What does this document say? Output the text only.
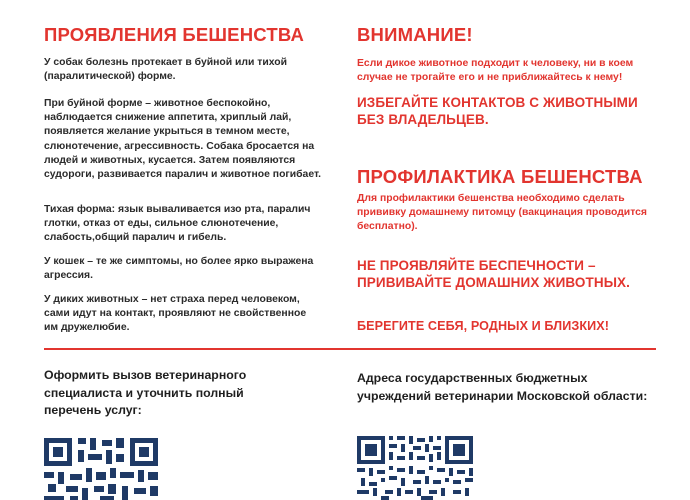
ПРОЯВЛЕНИЯ БЕШЕНСТВА

У собак болезнь протекает в буйной или тихой (паралитической) форме.

При буйной форме – животное беспокойно, наблюдается снижение аппетита, хриплый лай, появляется желание укрыться в темном месте, слюнотечение, агрессивность. Собака бросается на людей и животных, кусается. Затем появляются судороги, развивается паралич и животное погибает.

Тихая форма: язык вываливается изо рта, паралич глотки, отказ от еды, сильное слюнотечение, слабость,общий паралич и гибель.

У кошек – те же симптомы, но более ярко выражена агрессия.

У диких животных – нет страха перед человеком, сами идут на контакт, проявляют не свойственное им дружелюбие.

ВНИМАНИЕ!

Если дикое животное подходит к человеку, ни в коем случае не трогайте его и не приближайтесь к нему!

ИЗБЕГАЙТЕ КОНТАКТОВ С ЖИВОТНЫМИ БЕЗ ВЛАДЕЛЬЦЕВ.

ПРОФИЛАКТИКА БЕШЕНСТВА

Для профилактики бешенства необходимо сделать прививку домашнему питомцу (вакцинация проводится бесплатно).

НЕ ПРОЯВЛЯЙТЕ БЕСПЕЧНОСТИ – ПРИВИВАЙТЕ ДОМАШНИХ ЖИВОТНЫХ.

БЕРЕГИТЕ СЕБЯ, РОДНЫХ И БЛИЗКИХ!

Оформить вызов ветеринарного специалиста и уточнить полный перечень услуг:

Адреса государственных бюджетных учреждений ветеринарии Московской области:
